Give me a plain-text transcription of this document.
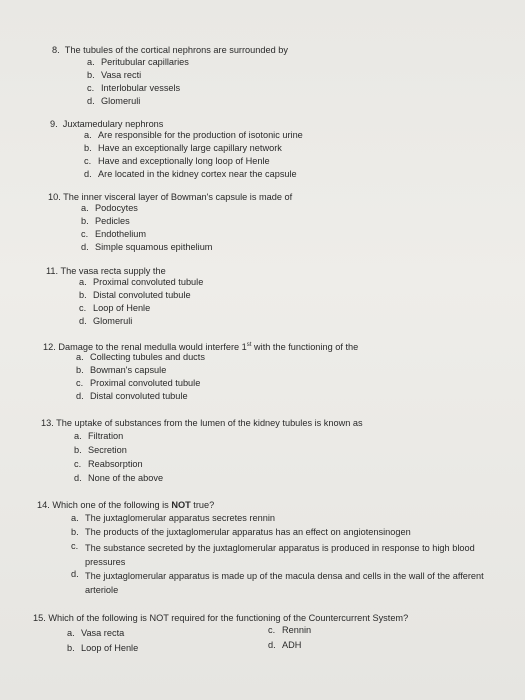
8. The tubules of the cortical nephrons are surrounded by
a. Peritubular capillaries
b. Vasa recti
c. Interlobular vessels
d. Glomeruli
9. Juxtamedulary nephrons
a. Are responsible for the production of isotonic urine
b. Have an exceptionally large capillary network
c. Have and exceptionally long loop of Henle
d. Are located in the kidney cortex near the capsule
10. The inner visceral layer of Bowman's capsule is made of
a. Podocytes
b. Pedicles
c. Endothelium
d. Simple squamous epithelium
11. The vasa recta supply the
a. Proximal convoluted tubule
b. Distal convoluted tubule
c. Loop of Henle
d. Glomeruli
12. Damage to the renal medulla would interfere 1st with the functioning of the
a. Collecting tubules and ducts
b. Bowman's capsule
c. Proximal convoluted tubule
d. Distal convoluted tubule
13. The uptake of substances from the lumen of the kidney tubules is known as
a. Filtration
b. Secretion
c. Reabsorption
d. None of the above
14. Which one of the following is NOT true?
a. The juxtaglomerular apparatus secretes rennin
b. The products of the juxtaglomerular apparatus has an effect on angiotensinogen
c. The substance secreted by the juxtaglomerular apparatus is produced in response to high blood pressures
d. The juxtaglomerular apparatus is made up of the macula densa and cells in the wall of the afferent arteriole
15. Which of the following is NOT required for the functioning of the Countercurrent System?
a. Vasa recta
b. Loop of Henle
c. Rennin
d. ADH
